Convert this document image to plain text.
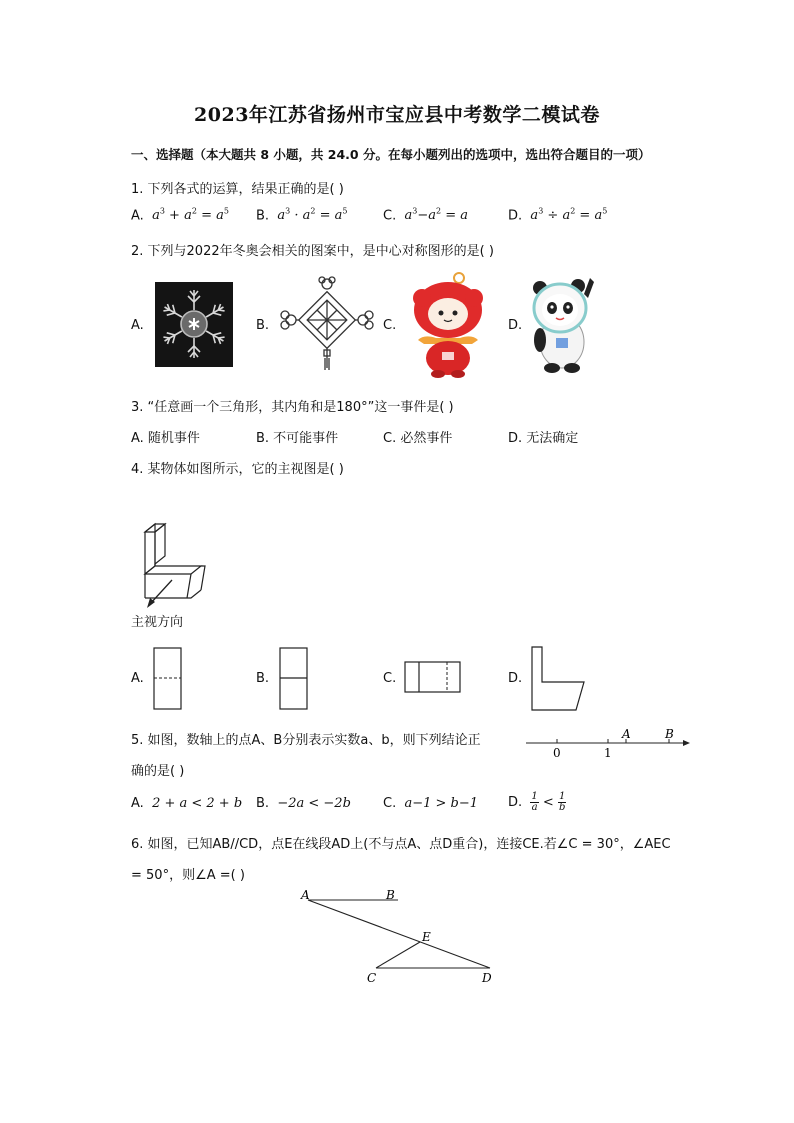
2023年江苏省扬州市宝应县中考数学二模试卷
一、选择题（本大题共 8 小题，共 24.0 分。在每小题列出的选项中，选出符合题目的一项）
1. 下列各式的运算，结果正确的是( )
A.  $a^3 + a^2 = a^5$ B.  $a^3 \cdot a^2 = a^5$	C.  $a^3-a^2 = a$	D.  $a^3 \div a^2 = a^5$
2. 下列与2022年冬奥会相关的图案中，是中心对称图形的是( )
A.	B.	C.	D.
3. “任意画一个三角形，其内角和是180°”这一事件是( )
A. 随机事件	B. 不可能事件	C. 必然事件	D. 无法确定
4. 某物体如图所示，它的主视图是( )
主视方向
A.	B.	C.	D.
5. 如图，数轴上的点A、B分别表示实数a、b，则下列结论正
确的是( )
0	1
A	B
A.  2 + a < 2 + b B.  −2a < −2b C.  a−1 > b−1 D. $\frac{1}{a} < \frac{1}{b}$
6. 如图，已知AB//CD，点E在线段AD上(不与点A、点D重合)，连接CE.若∠C = 30°，∠AEC
= 50°，则∠A =( )
A	B
E
C	D
